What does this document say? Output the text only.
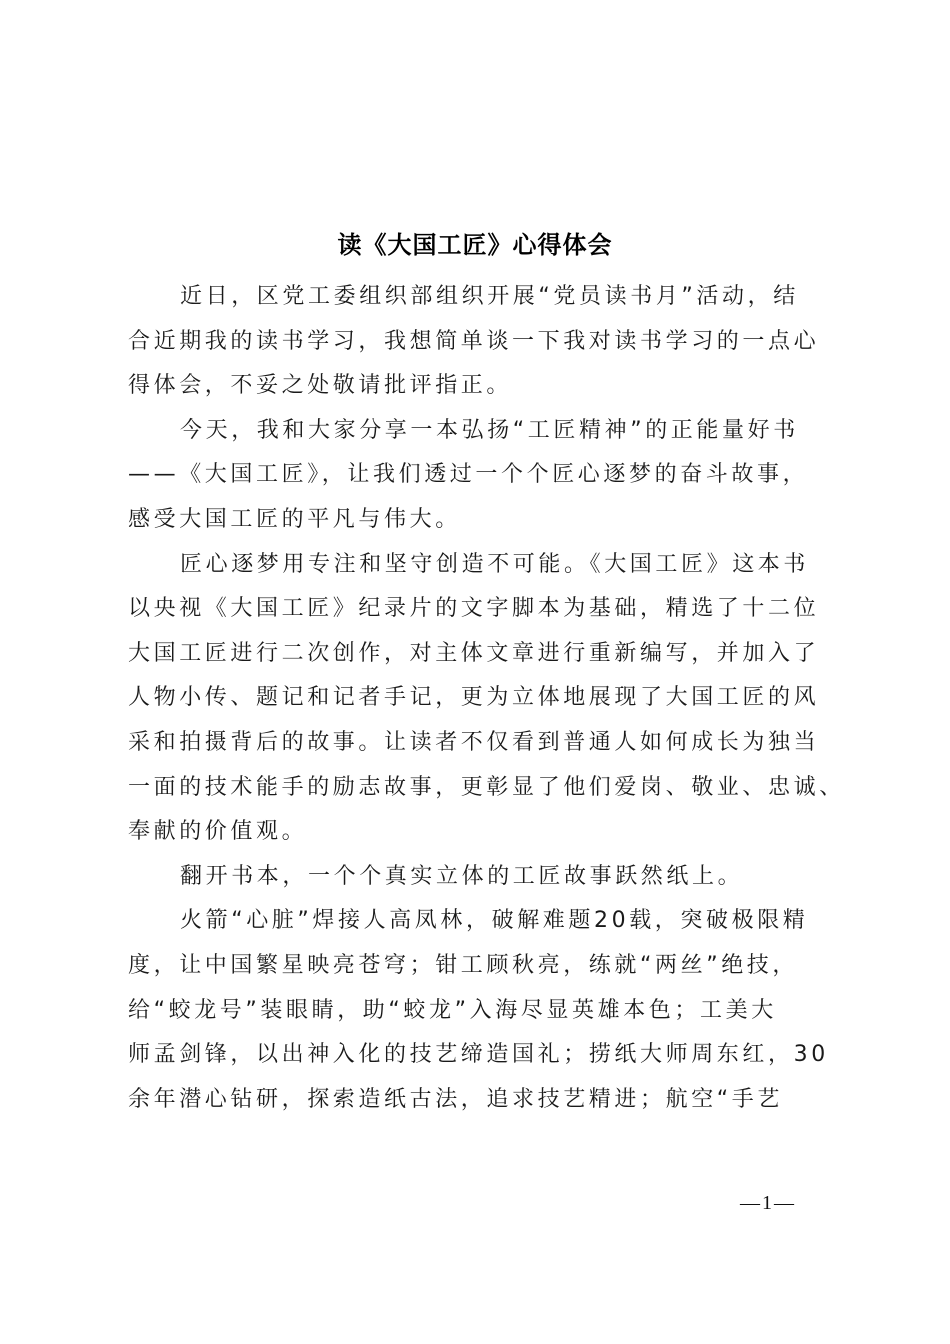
读《大国工匠》心得体会
近日，区党工委组织部组织开展“党员读书月”活动，结
合近期我的读书学习，我想简单谈一下我对读书学习的一点心
得体会，不妥之处敬请批评指正。
今天，我和大家分享一本弘扬“工匠精神”的正能量好书
——《大国工匠》，让我们透过一个个匠心逐梦的奋斗故事，
感受大国工匠的平凡与伟大。
匠心逐梦用专注和坚守创造不可能。《大国工匠》这本书
以央视《大国工匠》纪录片的文字脚本为基础，精选了十二位
大国工匠进行二次创作，对主体文章进行重新编写，并加入了
人物小传、题记和记者手记，更为立体地展现了大国工匠的风
采和拍摄背后的故事。让读者不仅看到普通人如何成长为独当
一面的技术能手的励志故事，更彰显了他们爱岗、敬业、忠诚、
奉献的价值观。
翻开书本，一个个真实立体的工匠故事跃然纸上。
火箭“心脏”焊接人高凤林，破解难题20载，突破极限精
度，让中国繁星映亮苍穹；钳工顾秋亮，练就“两丝”绝技，
给“蛟龙号”装眼睛，助“蛟龙”入海尽显英雄本色；工美大
师孟剑锋，以出神入化的技艺缔造国礼；捞纸大师周东红，30
余年潜心钻研，探索造纸古法，追求技艺精进；航空“手艺
—1—
